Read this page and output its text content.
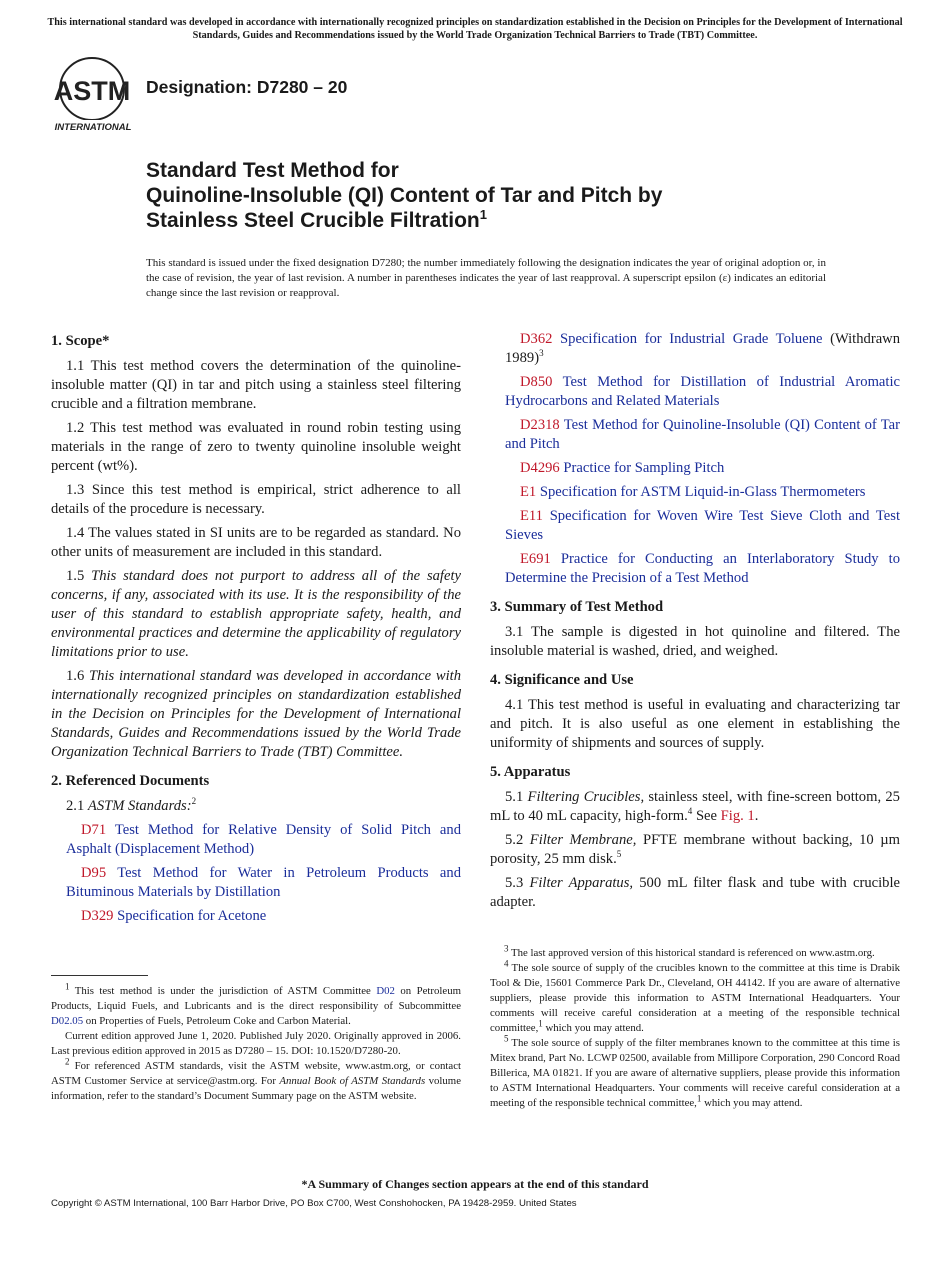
This international standard was developed in accordance with internationally recognized principles on standardization established in the Decision on Principles for the Development of International Standards, Guides and Recommendations issued by the World Trade Organization Technical Barriers to Trade (TBT) Committee.
ASTM
INTERNATIONAL
Designation: D7280 – 20
Standard Test Method for
Quinoline-Insoluble (QI) Content of Tar and Pitch by
Stainless Steel Crucible Filtration$^1$
This standard is issued under the fixed designation D7280; the number immediately following the designation indicates the year of original adoption or, in the case of revision, the year of last revision. A number in parentheses indicates the year of last reapproval. A superscript epsilon (ε) indicates an editorial change since the last revision or reapproval.
1. Scope*

1.1 This test method covers the determination of the quinoline-insoluble matter (QI) in tar and pitch using a stainless steel filtering crucible and a filtration membrane.

1.2 This test method was evaluated in round robin testing using materials in the range of zero to twenty quinoline insoluble weight percent (wt%).

1.3 Since this test method is empirical, strict adherence to all details of the procedure is necessary.

1.4 The values stated in SI units are to be regarded as standard. No other units of measurement are included in this standard.

1.5 This standard does not purport to address all of the safety concerns, if any, associated with its use. It is the responsibility of the user of this standard to establish appropriate safety, health, and environmental practices and determine the applicability of regulatory limitations prior to use.

1.6 This international standard was developed in accordance with internationally recognized principles on standardization established in the Decision on Principles for the Development of International Standards, Guides and Recommendations issued by the World Trade Organization Technical Barriers to Trade (TBT) Committee.

2. Referenced Documents

2.1 ASTM Standards:$^2$

D71 Test Method for Relative Density of Solid Pitch and Asphalt (Displacement Method)

D95 Test Method for Water in Petroleum Products and Bituminous Materials by Distillation

D329 Specification for Acetone

D362 Specification for Industrial Grade Toluene (Withdrawn 1989)$^3$

D850 Test Method for Distillation of Industrial Aromatic Hydrocarbons and Related Materials

D2318 Test Method for Quinoline-Insoluble (QI) Content of Tar and Pitch

D4296 Practice for Sampling Pitch

E1 Specification for ASTM Liquid-in-Glass Thermometers

E11 Specification for Woven Wire Test Sieve Cloth and Test Sieves

E691 Practice for Conducting an Interlaboratory Study to Determine the Precision of a Test Method

3. Summary of Test Method

3.1 The sample is digested in hot quinoline and filtered. The insoluble material is washed, dried, and weighed.

4. Significance and Use

4.1 This test method is useful in evaluating and characterizing tar and pitch. It is also useful as one element in establishing the uniformity of shipments and sources of supply.

5. Apparatus

5.1 Filtering Crucibles, stainless steel, with fine-screen bottom, 25 mL to 40 mL capacity, high-form.$^4$ See Fig. 1.

5.2 Filter Membrane, PFTE membrane without backing, 10 µm porosity, 25 mm disk.$^5$

5.3 Filter Apparatus, 500 mL filter flask and tube with crucible adapter.

$^1$ This test method is under the jurisdiction of ASTM Committee D02 on Petroleum Products, Liquid Fuels, and Lubricants and is the direct responsibility of Subcommittee D02.05 on Properties of Fuels, Petroleum Coke and Carbon Material.

Current edition approved June 1, 2020. Published July 2020. Originally approved in 2006. Last previous edition approved in 2015 as D7280 – 15. DOI: 10.1520/D7280-20.

$^2$ For referenced ASTM standards, visit the ASTM website, www.astm.org, or contact ASTM Customer Service at service@astm.org. For Annual Book of ASTM Standards volume information, refer to the standard’s Document Summary page on the ASTM website.

$^3$ The last approved version of this historical standard is referenced on www.astm.org.

$^4$ The sole source of supply of the crucibles known to the committee at this time is Drabik Tool & Die, 15601 Commerce Park Dr., Cleveland, OH 44142. If you are aware of alternative suppliers, please provide this information to ASTM International Headquarters. Your comments will receive careful consideration at a meeting of the responsible technical committee,$^1$ which you may attend.

$^5$ The sole source of supply of the filter membranes known to the committee at this time is Mitex brand, Part No. LCWP 02500, available from Millipore Corporation, 290 Concord Road Billerica, MA 01821. If you are aware of alternative suppliers, please provide this information to ASTM International Headquarters. Your comments will receive careful consideration at a meeting of the responsible technical committee,$^1$ which you may attend.

*A Summary of Changes section appears at the end of this standard
Copyright © ASTM International, 100 Barr Harbor Drive, PO Box C700, West Conshohocken, PA 19428-2959. United States
